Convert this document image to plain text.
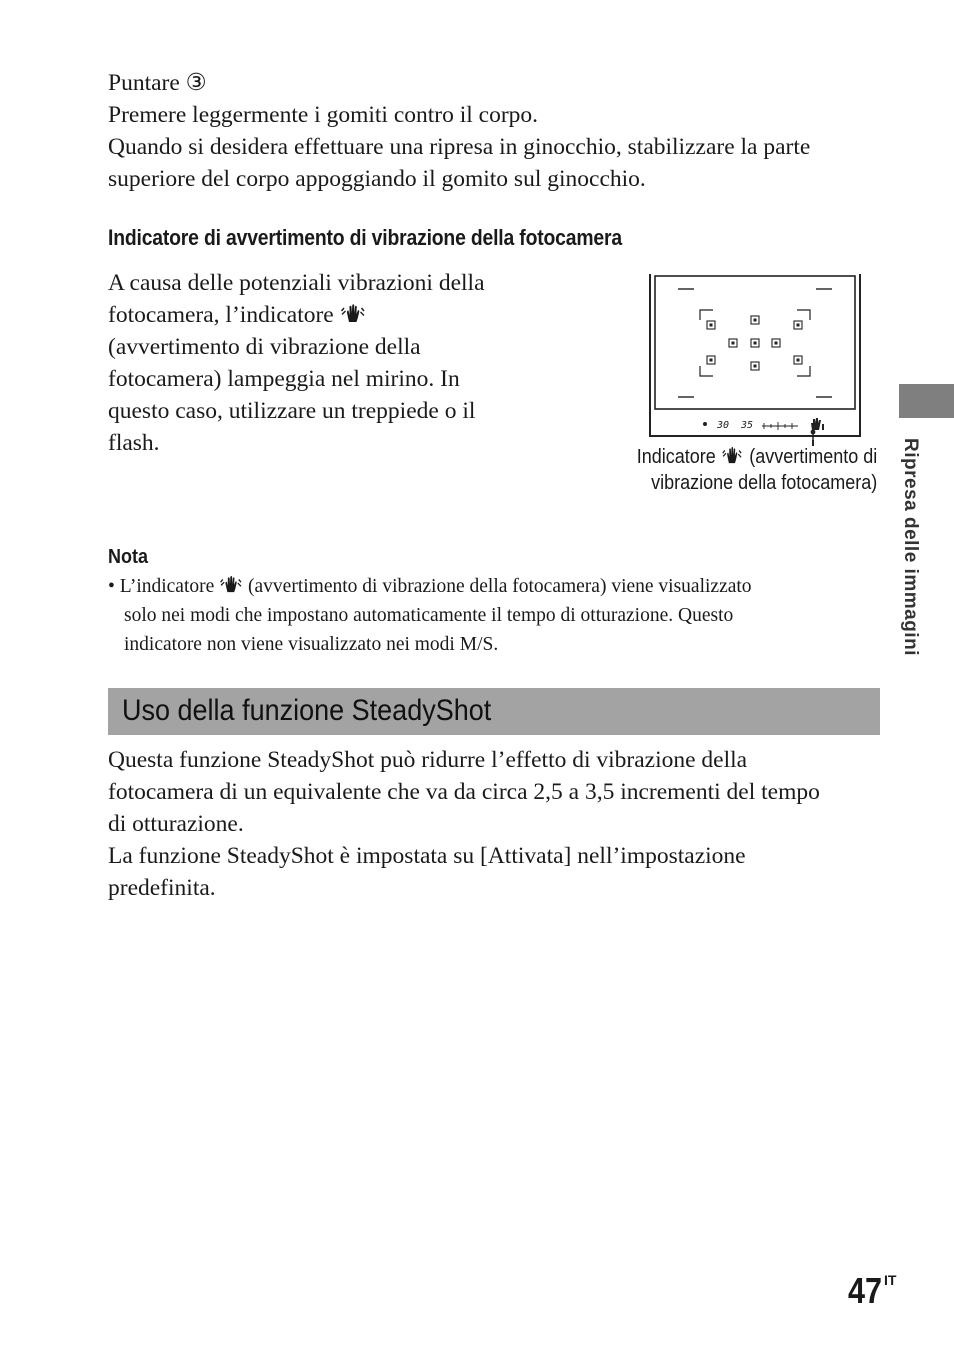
Puntare ③
Premere leggermente i gomiti contro il corpo.
Quando si desidera effettuare una ripresa in ginocchio, stabilizzare la parte
superiore del corpo appoggiando il gomito sul ginocchio.
Indicatore di avvertimento di vibrazione della fotocamera
A causa delle potenziali vibrazioni della
fotocamera, l’indicatore
(avvertimento di vibrazione della
fotocamera) lampeggia nel mirino. In
questo caso, utilizzare un treppiede o il
flash.
30 35
Indicatore (avvertimento di
vibrazione della fotocamera)
Nota
• L’indicatore (avvertimento di vibrazione della fotocamera) viene visualizzato
solo nei modi che impostano automaticamente il tempo di otturazione. Questo
indicatore non viene visualizzato nei modi M/S.
Uso della funzione SteadyShot
Questa funzione SteadyShot può ridurre l’effetto di vibrazione della
fotocamera di un equivalente che va da circa 2,5 a 3,5 incrementi del tempo
di otturazione.
La funzione SteadyShot è impostata su [Attivata] nell’impostazione
predefinita.
Ripresa delle immagini
47 IT
